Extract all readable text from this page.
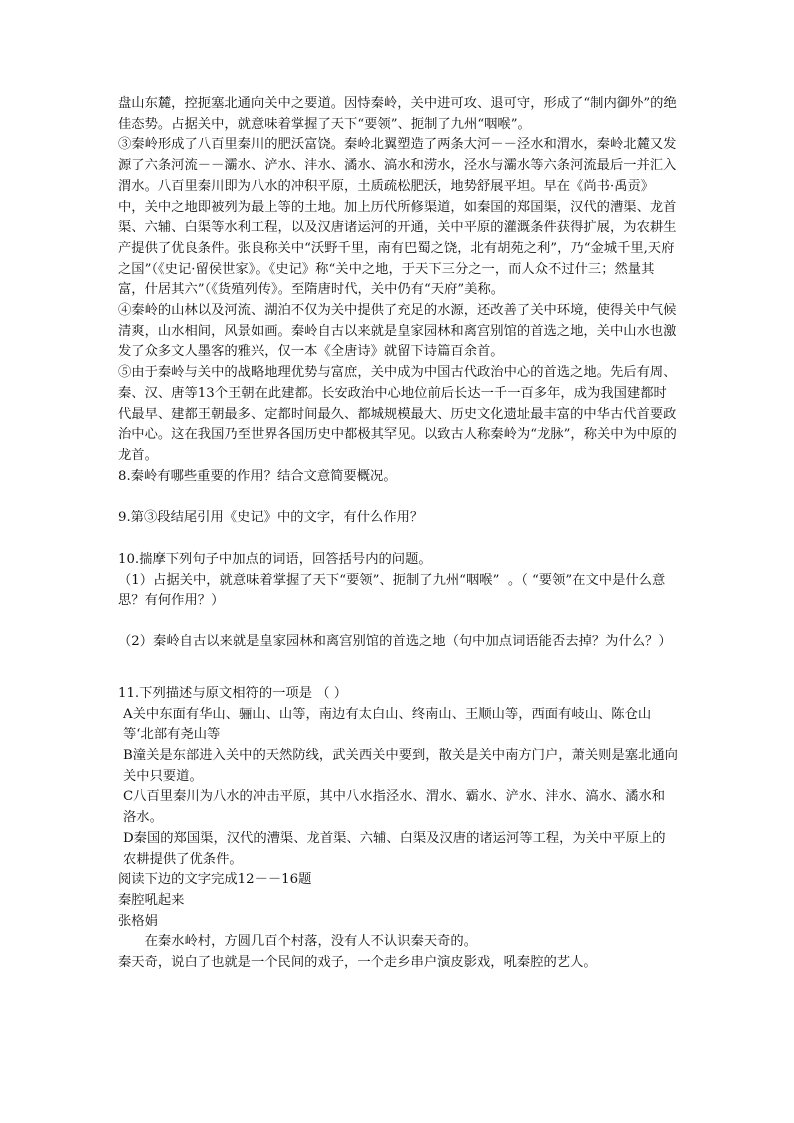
盘山东麓，控扼塞北通向关中之要道。因恃秦岭，关中进可攻、退可守，形成了“制内御外”的绝佳态势。占据关中，就意味着掌握了天下“要领”、扼制了九州“咽喉”。

③秦岭形成了八百里秦川的肥沃富饶。秦岭北翼塑造了两条大河－－泾水和渭水，秦岭北麓又发源了六条河流－－灞水、浐水、沣水、潏水、滈水和涝水，泾水与灞水等六条河流最后一并汇入渭水。八百里秦川即为八水的冲积平原，土质疏松肥沃，地势舒展平坦。早在《尚书·禹贡》中，关中之地即被列为最上等的土地。加上历代所修渠道，如秦国的郑国渠，汉代的漕渠、龙首渠、六辅、白渠等水利工程，以及汉唐诸运河的开通，关中平原的灌溉条件获得扩展，为农耕生产提供了优良条件。张良称关中“沃野千里，南有巴蜀之饶，北有胡苑之利”，乃“金城千里,天府之国”（《史记·留侯世家》。《史记》称“关中之地，于天下三分之一，而人众不过什三；然量其富，什居其六”（《货殖列传》。至隋唐时代，关中仍有“天府”美称。

④秦岭的山林以及河流、湖泊不仅为关中提供了充足的水源，还改善了关中环境，使得关中气候清爽，山水相间，风景如画。秦岭自古以来就是皇家园林和离宫别馆的首选之地，关中山水也激发了众多文人墨客的雅兴，仅一本《全唐诗》就留下诗篇百余首。

⑤由于秦岭与关中的战略地理优势与富庶，关中成为中国古代政治中心的首选之地。先后有周、秦、汉、唐等13个王朝在此建都。长安政治中心地位前后长达一千一百多年，成为我国建都时代最早、建都王朝最多、定都时间最久、都城规模最大、历史文化遗址最丰富的中华古代首要政治中心。这在我国乃至世界各国历史中都极其罕见。以致古人称秦岭为“龙脉”，称关中为中原的龙首。

8.秦岭有哪些重要的作用？结合文意简要概况。

9.第③段结尾引用《史记》中的文字，有什么作用？

10.揣摩下列句子中加点的词语，回答括号内的问题。

（1）占据关中，就意味着掌握了天下“要领”、扼制了九州“咽喉”  。（ “要领”在文中是什么意思？有何作用？）

（2）秦岭自古以来就是皇家园林和离宫别馆的首选之地（句中加点词语能否去掉？为什么？）

11.下列描述与原文相符的一项是 （ ）

A关中东面有华山、骊山、山等，南边有太白山、终南山、王顺山等，西面有岐山、陈仓山等‘北部有尧山等

B潼关是东部进入关中的天然防线，武关西关中要到，散关是关中南方门户，萧关则是塞北通向关中只要道。

C八百里秦川为八水的冲击平原，其中八水指泾水、渭水、霸水、浐水、沣水、滈水、潏水和洛水。

D秦国的郑国渠，汉代的漕渠、龙首渠、六辅、白渠及汉唐的诸运河等工程，为关中平原上的农耕提供了优条件。

阅读下边的文字完成12－－16题

秦腔吼起来

张格娟

在秦水岭村，方圆几百个村落，没有人不认识秦天奇的。

秦天奇，说白了也就是一个民间的戏子，一个走乡串户演皮影戏，吼秦腔的艺人。
